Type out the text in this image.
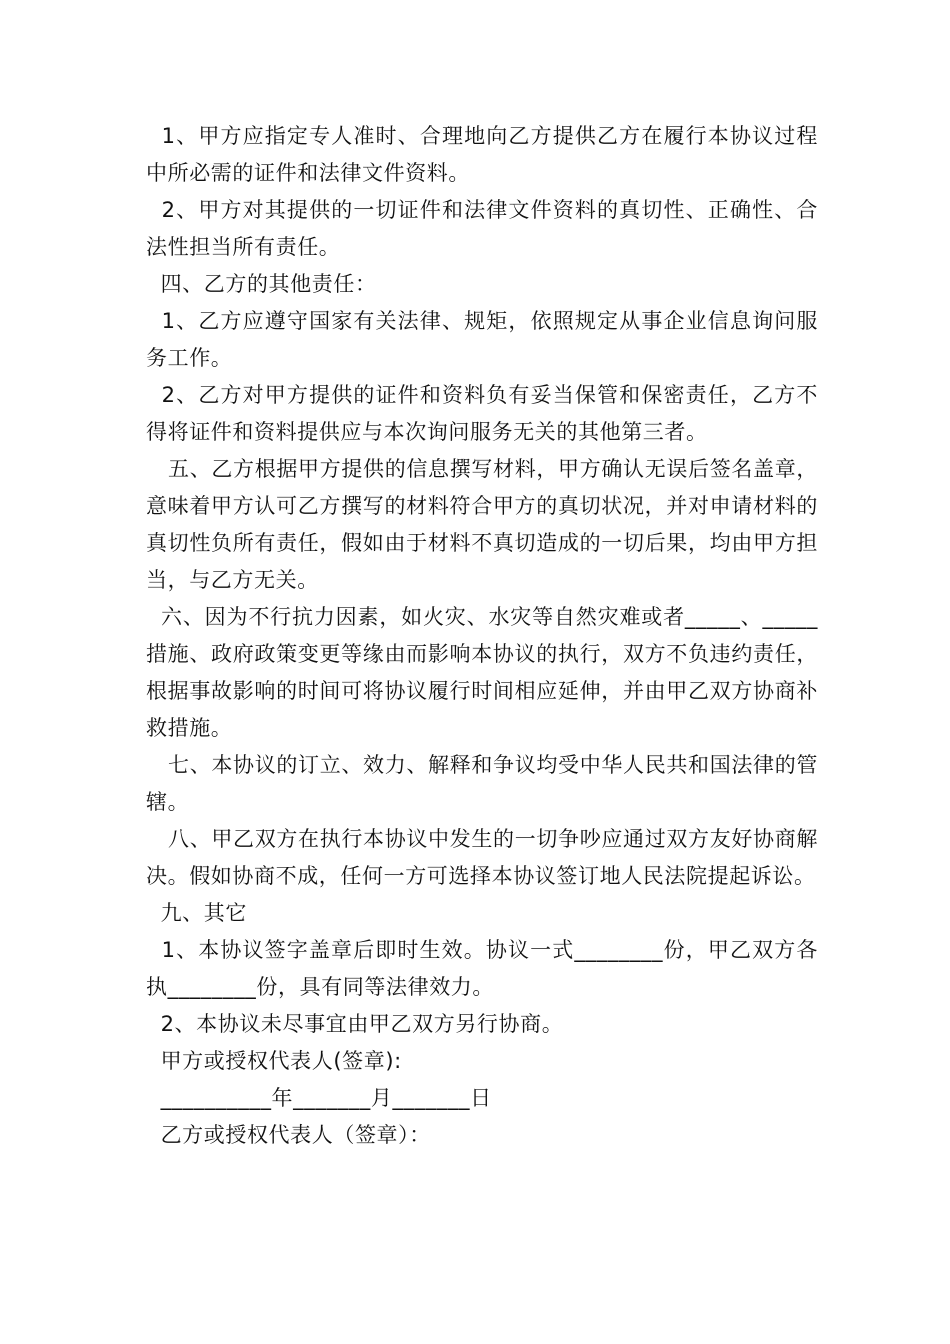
1、甲方应指定专人准时、合理地向乙方提供乙方在履行本协议过程中所必需的证件和法律文件资料。

2、甲方对其提供的一切证件和法律文件资料的真切性、正确性、合法性担当所有责任。

四、乙方的其他责任：

1、乙方应遵守国家有关法律、规矩，依照规定从事企业信息询问服务工作。

2、乙方对甲方提供的证件和资料负有妥当保管和保密责任，乙方不得将证件和资料提供应与本次询问服务无关的其他第三者。

五、乙方根据甲方提供的信息撰写材料，甲方确认无误后签名盖章，意味着甲方认可乙方撰写的材料符合甲方的真切状况，并对申请材料的真切性负所有责任，假如由于材料不真切造成的一切后果，均由甲方担当，与乙方无关。

六、因为不行抗力因素，如火灾、水灾等自然灾难或者_____、_____措施、政府政策变更等缘由而影响本协议的执行，双方不负违约责任，根据事故影响的时间可将协议履行时间相应延伸，并由甲乙双方协商补救措施。

七、本协议的订立、效力、解释和争议均受中华人民共和国法律的管辖。

八、甲乙双方在执行本协议中发生的一切争吵应通过双方友好协商解决。假如协商不成，任何一方可选择本协议签订地人民法院提起诉讼。

九、其它

1、本协议签字盖章后即时生效。协议一式________份，甲乙双方各执________份，具有同等法律效力。

2、本协议未尽事宜由甲乙双方另行协商。

甲方或授权代表人(签章):

__________年_______月_______日

乙方或授权代表人（签章）：
